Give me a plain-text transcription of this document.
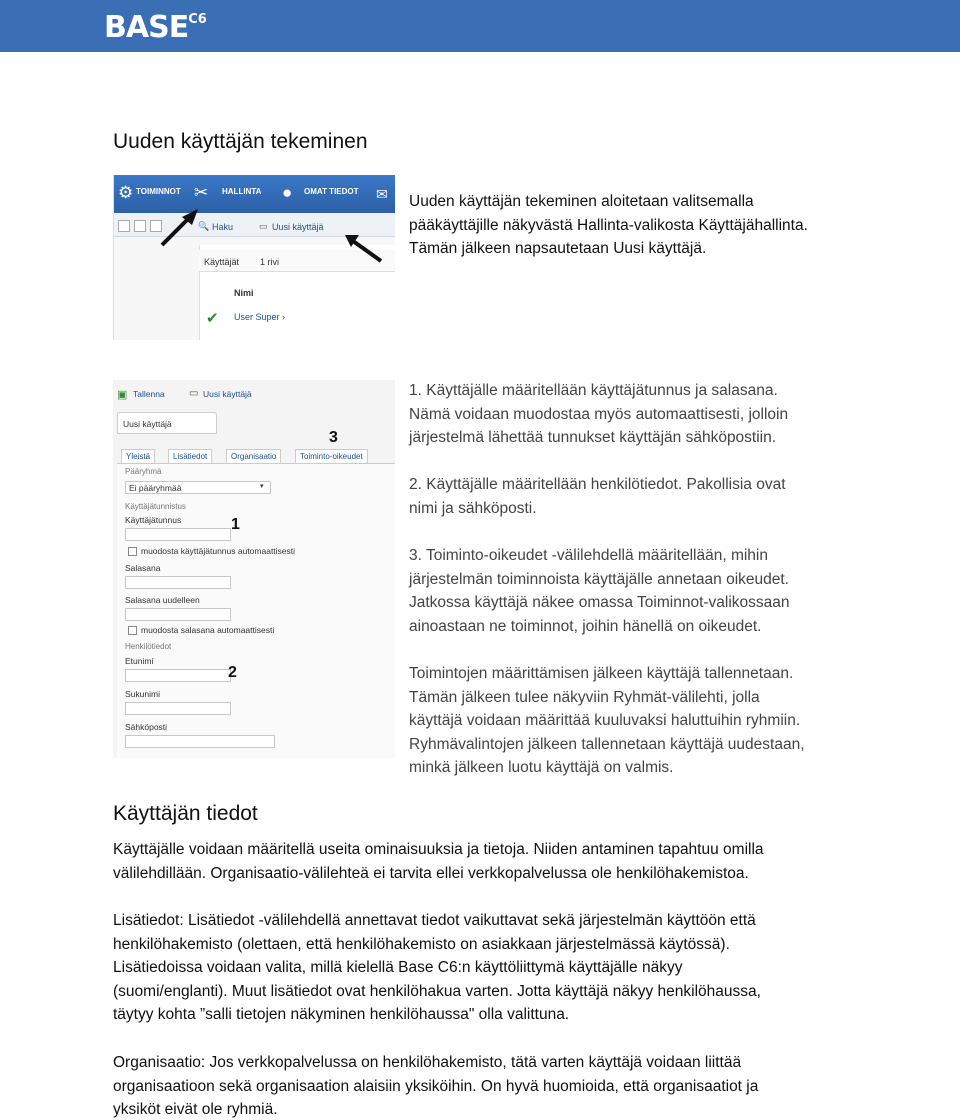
$BASE^{C6}$
Uuden käyttäjän tekeminen
⚙ TOIMINNOT ✂ HALLINTA ● OMAT TIEDOT ✉
🔍 Haku	▭ Uusi käyttäjä
Käyttäjät 1 rivi
Nimi
✔ User Super ›
Uuden käyttäjän tekeminen aloitetaan valitsemalla
pääkäyttäjille näkyvästä Hallinta-valikosta Käyttäjähallinta.
Tämän jälkeen napsautetaan Uusi käyttäjä.
▣ Tallenna ▭ Uusi käyttäjä
Uusi käyttäjä
Yleistä	Lisätiedot	Organisaatio	Toiminto-oikeudet
Pääryhmä
Ei pääryhmää	▾
Käyttäjätunnistus
Käyttäjätunnus
muodosta käyttäjätunnus automaattisesti
Salasana
Salasana uudelleen
muodosta salasana automaattisesti
Henkilötiedot
Etunimi
Sukunimi
Sähköposti
3
1
2
1. Käyttäjälle määritellään käyttäjätunnus ja salasana.
Nämä voidaan muodostaa myös automaattisesti, jolloin
järjestelmä lähettää tunnukset käyttäjän sähköpostiin.
2. Käyttäjälle määritellään henkilötiedot. Pakollisia ovat
nimi ja sähköposti.
3. Toiminto-oikeudet -välilehdellä määritellään, mihin
järjestelmän toiminnoista käyttäjälle annetaan oikeudet.
Jatkossa käyttäjä näkee omassa Toiminnot-valikossaan
ainoastaan ne toiminnot, joihin hänellä on oikeudet.
Toimintojen määrittämisen jälkeen käyttäjä tallennetaan.
Tämän jälkeen tulee näkyviin Ryhmät-välilehti, jolla
käyttäjä voidaan määrittää kuuluvaksi haluttuihin ryhmiin.
Ryhmävalintojen jälkeen tallennetaan käyttäjä uudestaan,
minkä jälkeen luotu käyttäjä on valmis.
Käyttäjän tiedot
Käyttäjälle voidaan määritellä useita ominaisuuksia ja tietoja. Niiden antaminen tapahtuu omilla
välilehdillään. Organisaatio-välilehteä ei tarvita ellei verkkopalvelussa ole henkilöhakemistoa.
Lisätiedot: Lisätiedot -välilehdellä annettavat tiedot vaikuttavat sekä järjestelmän käyttöön että
henkilöhakemisto (olettaen, että henkilöhakemisto on asiakkaan järjestelmässä käytössä).
Lisätiedoissa voidaan valita, millä kielellä Base C6:n käyttöliittymä käyttäjälle näkyy
(suomi/englanti). Muut lisätiedot ovat henkilöhakua varten. Jotta käyttäjä näkyy henkilöhaussa,
täytyy kohta ”salli tietojen näkyminen henkilöhaussa" olla valittuna.
Organisaatio: Jos verkkopalvelussa on henkilöhakemisto, tätä varten käyttäjä voidaan liittää
organisaatioon sekä organisaation alaisiin yksiköihin. On hyvä huomioida, että organisaatiot ja
yksiköt eivät ole ryhmiä.
